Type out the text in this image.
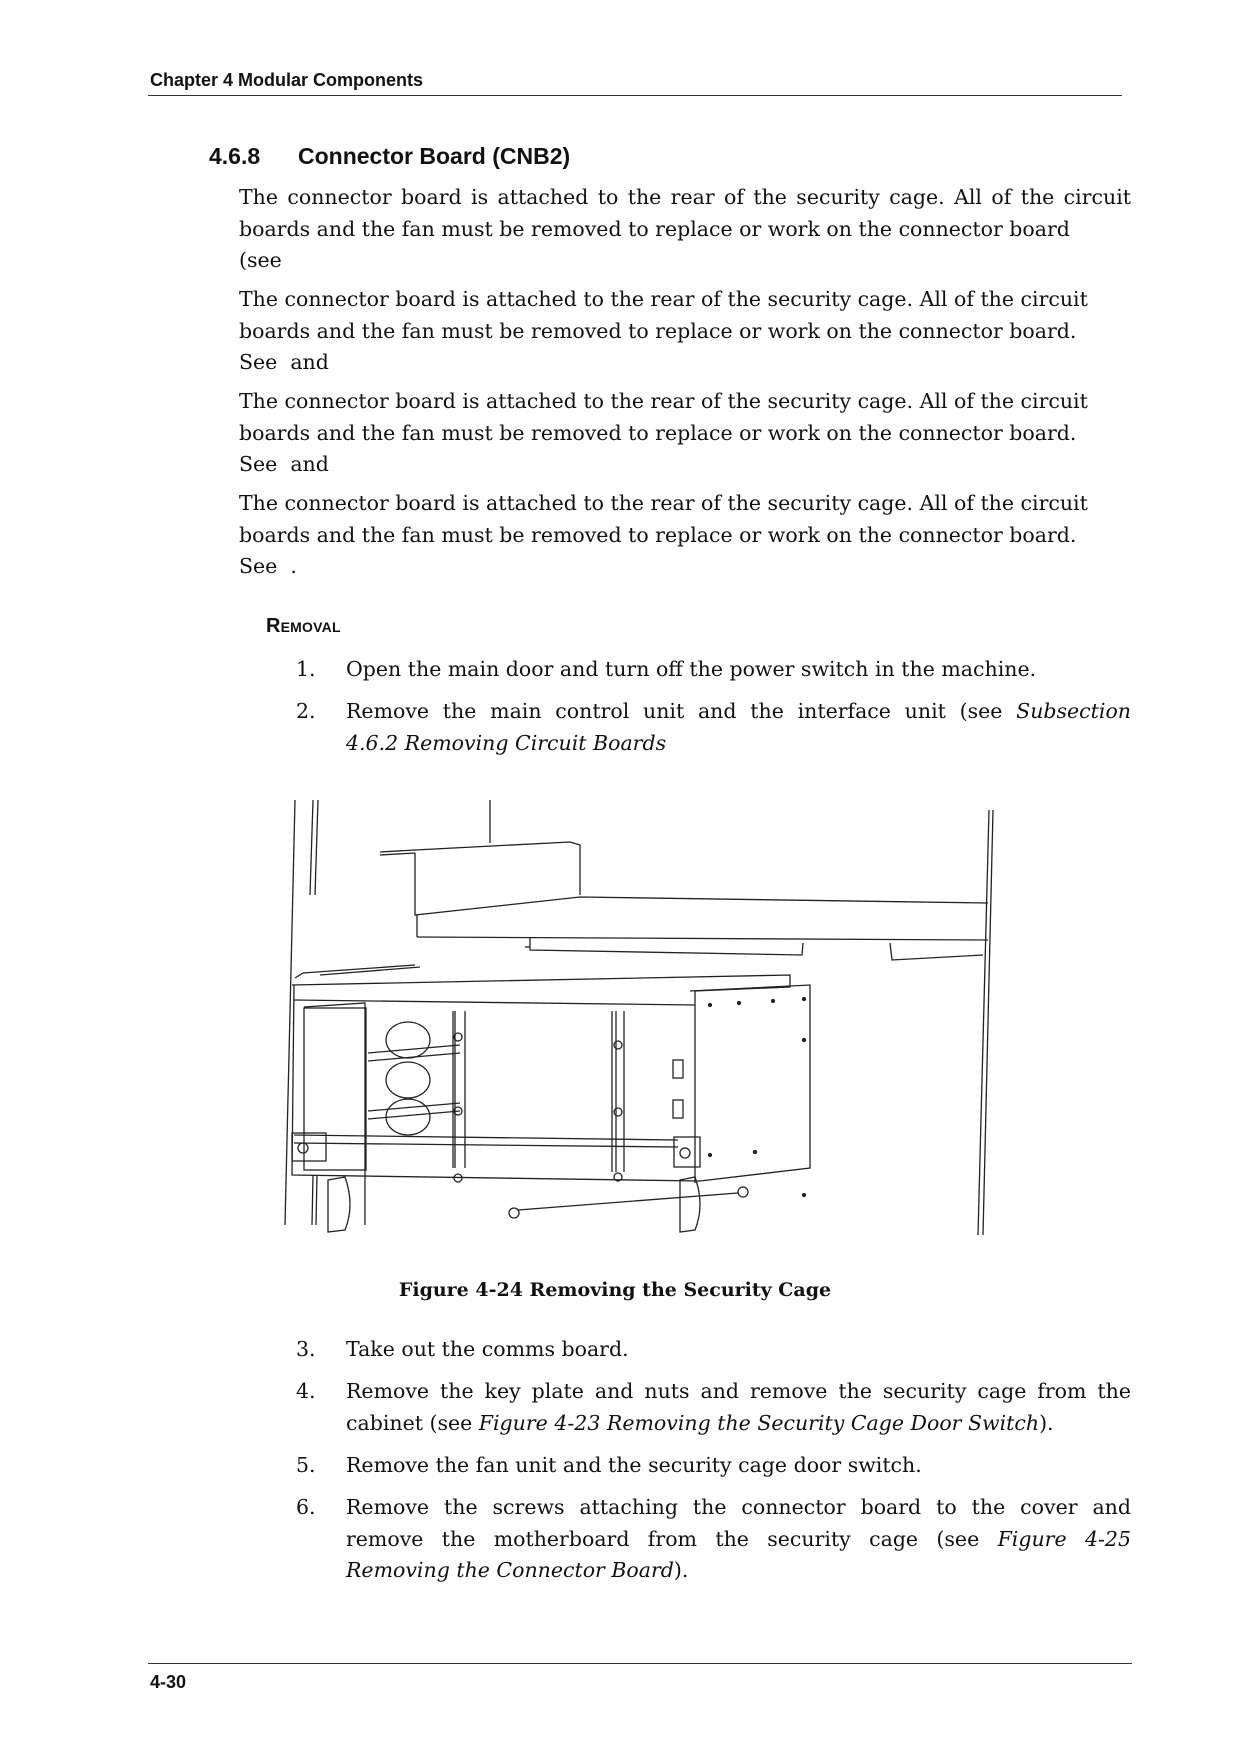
Chapter 4 Modular Components
4.6.8 Connector Board (CNB2)
The connector board is attached to the rear of the security cage. All of the circuit
boards and the fan must be removed to replace or work on the connector board
(see
The connector board is attached to the rear of the security cage. All of the circuit
boards and the fan must be removed to replace or work on the connector board.
See  and
The connector board is attached to the rear of the security cage. All of the circuit
boards and the fan must be removed to replace or work on the connector board.
See  and
The connector board is attached to the rear of the security cage. All of the circuit
boards and the fan must be removed to replace or work on the connector board.
See  .
Removal
1.	Open the main door and turn off the power switch in the machine.
2.	Remove the main control unit and the interface unit (see Subsection
4.6.2 Removing Circuit Boards
Figure 4-24 Removing the Security Cage
3.	Take out the comms board.
4.	Remove the key plate and nuts and remove the security cage from the
cabinet (see Figure 4-23 Removing the Security Cage Door Switch).
5.	Remove the fan unit and the security cage door switch.
6.	Remove the screws attaching the connector board to the cover and
remove the motherboard from the security cage (see Figure 4-25
Removing the Connector Board).
4-30
